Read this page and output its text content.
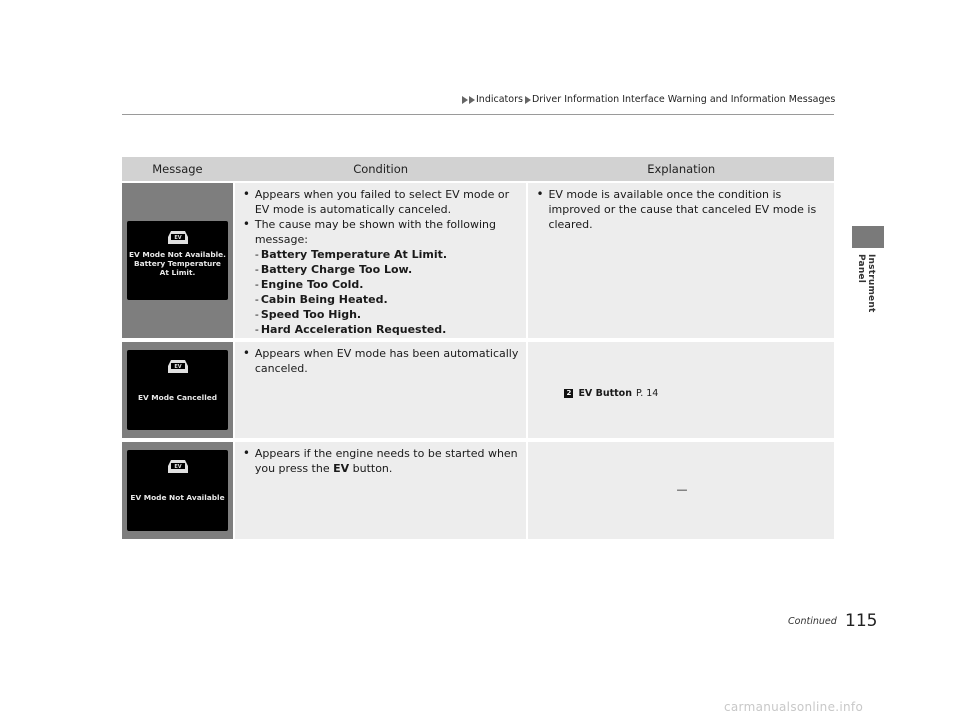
Indicators Driver Information Interface Warning and Information Messages
Instrument Panel
Message	Condition	Explanation
EV
EV Mode Not Available.
Battery Temperature
At Limit.
• Appears when you failed to select EV mode or EV mode is automatically canceled.
• The cause may be shown with the following message:
- Battery Temperature At Limit.
- Battery Charge Too Low.
- Engine Too Cold.
- Cabin Being Heated.
- Speed Too High.
- Hard Acceleration Requested.
• EV mode is available once the condition is improved or the cause that canceled EV mode is cleared.
EV
EV Mode Cancelled
• Appears when EV mode has been automatically canceled.
2 EV Button P. 14
EV
EV Mode Not Available
• Appears if the engine needs to be started when you press the EV button.
—
Continued 115
carmanualsonline.info
